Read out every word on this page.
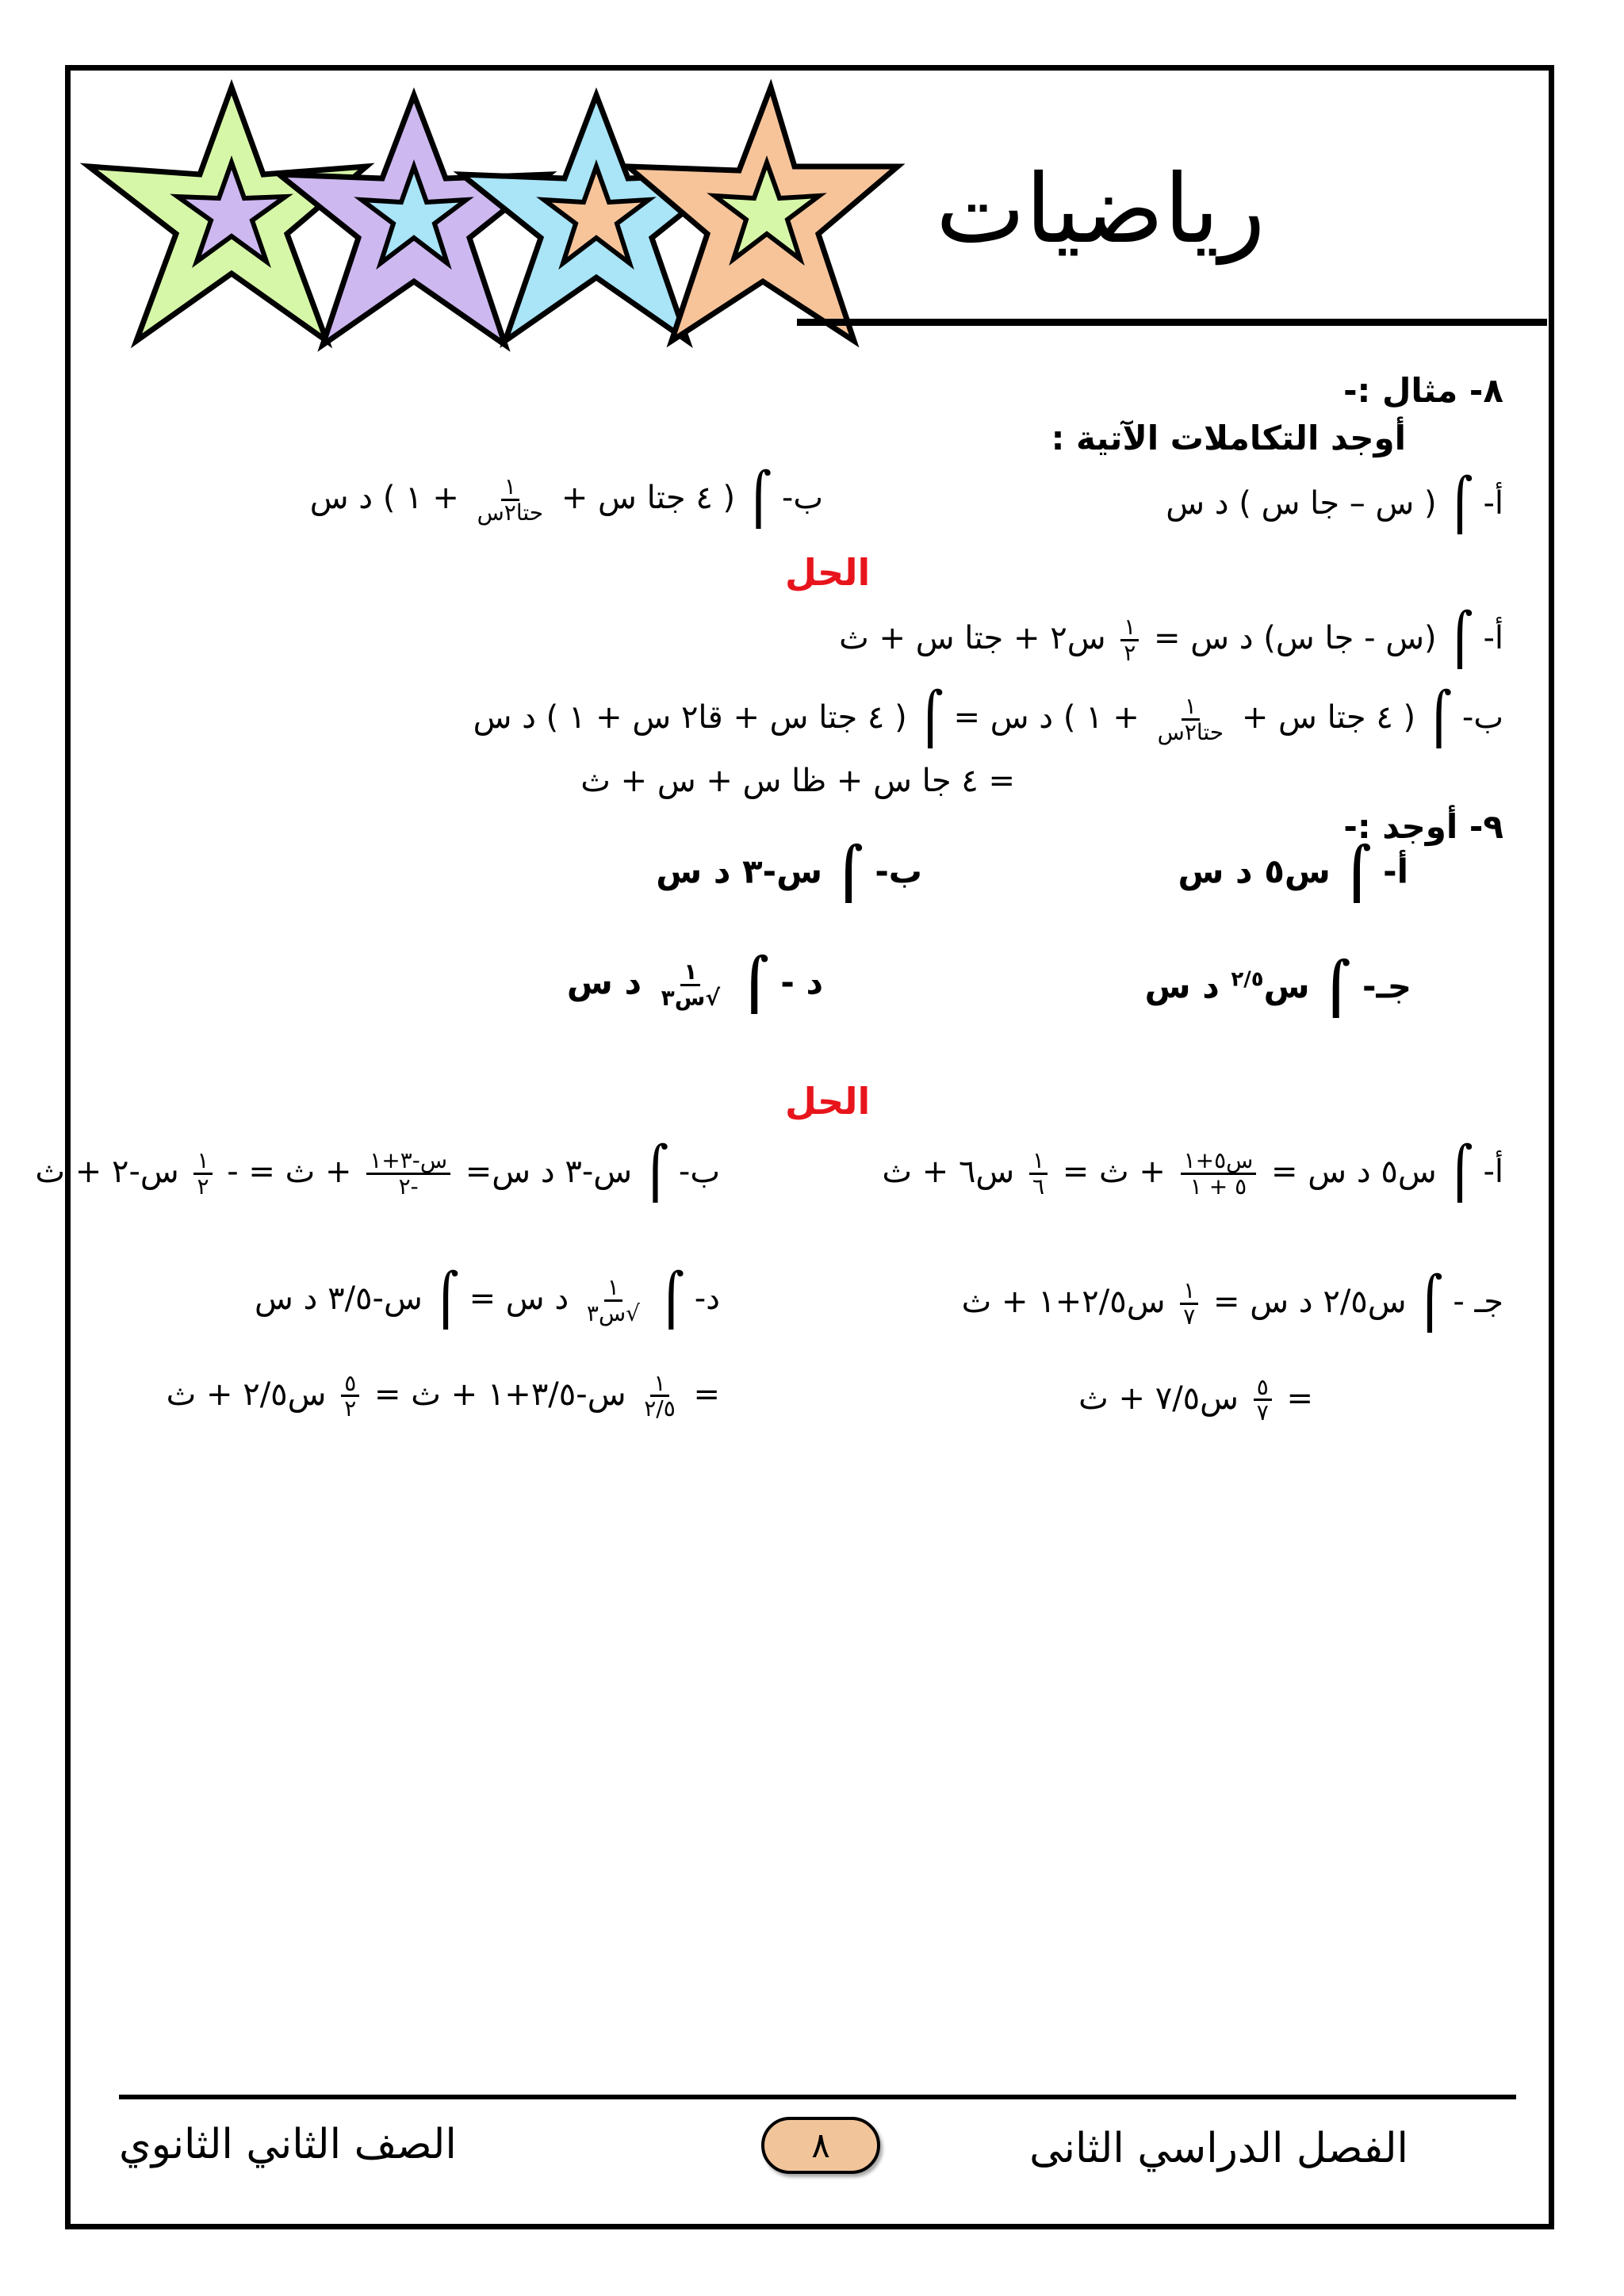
رياضيات
٨- مثال :-
أوجد التكاملات الآتية :
أ- ⌠ ( س – جا س ) د س
ب- ⌠ ( ٤ جتا س +
$\frac{١}{\text{حتا٢س}}$
+ ١ ) د س
الحل
أ- ⌠ (س - جا س) د س =
$\frac{١}{٢}$
س٢ + جتا س + ث
ب- ⌠ ( ٤ جتا س +
$\frac{١}{\text{حتا٢س}}$
+ ١ ) د س = ⌠ ( ٤ جتا س + قا٢ س + ١ ) د س
= ٤ جا س + ظا س + س + ث
٩- أوجد :-
أ- ⌠ س٥ د س
ب- ⌠ س-٣ د س
جـ- ⌠ س$^{٢/٥}$ د س
د - ⌠
$\frac{١}{\text{√س٣}}$
د س
الحل
أ- ⌠ س٥ د س =
$\frac{\text{س٥+١}}{٥ + ١}$
+ ث =
$\frac{١}{٦}$
س٦ + ث
ب- ⌠ س-٣ د س=
$\frac{\text{س-٣+١}}{-٢}$
+ ث = -
$\frac{١}{٢}$
س-٢ + ث
جـ - ⌠ س٢/٥ د س =
$\frac{١}{٧}$
س٢/٥+١ + ث
=
$\frac{٥}{٧}$
س٧/٥ + ث
د- ⌠
$\frac{١}{\text{√س٣}}$
د س = ⌠ س-٣/٥ د س
=
$\frac{١}{٢/٥}$
س-٣/٥+١ + ث =
$\frac{٥}{٢}$
س٢/٥ + ث
الفصل الدراسي الثانى
٨
الصف الثاني الثانوي
